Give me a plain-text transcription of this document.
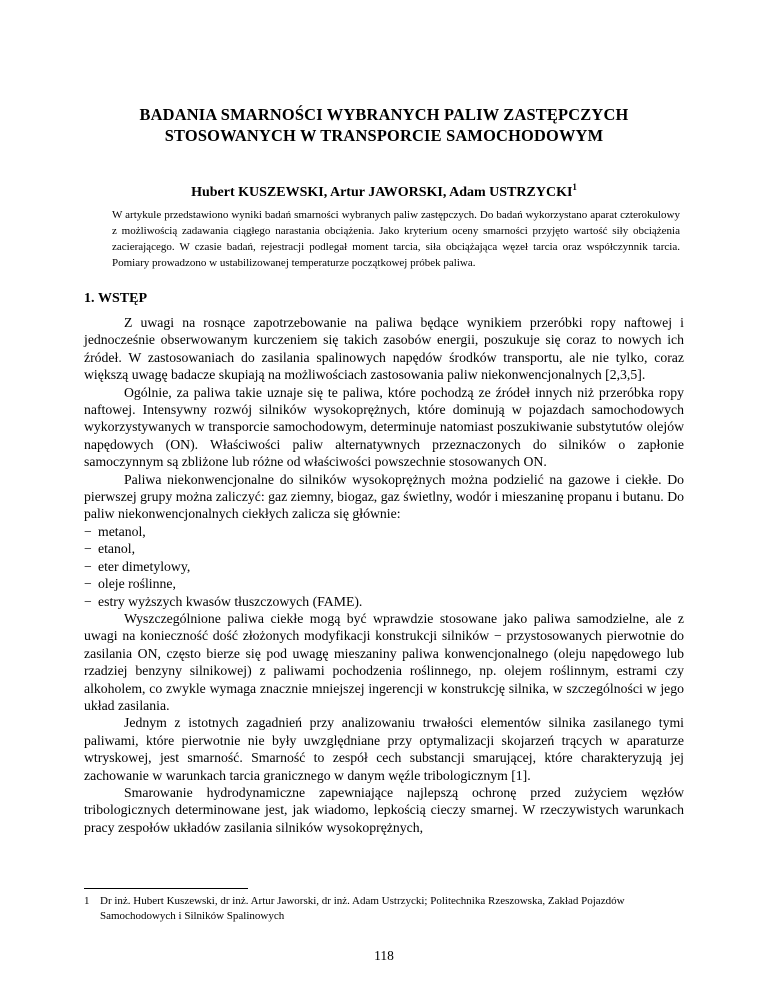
BADANIA SMARNOŚCI WYBRANYCH PALIW ZASTĘPCZYCH
STOSOWANYCH W TRANSPORCIE SAMOCHODOWYM
Hubert KUSZEWSKI, Artur JAWORSKI, Adam USTRZYCKI$^1$
W artykule przedstawiono wyniki badań smarności wybranych paliw zastępczych. Do badań wykorzystano aparat czterokulowy z możliwością zadawania ciągłego narastania obciążenia. Jako kryterium oceny smarności przyjęto wartość siły obciążenia zacierającego. W czasie badań, rejestracji podlegał moment tarcia, siła obciążająca węzeł tarcia oraz współczynnik tarcia. Pomiary prowadzono w ustabilizowanej temperaturze początkowej próbek paliwa.
1. WSTĘP

Z uwagi na rosnące zapotrzebowanie na paliwa będące wynikiem przeróbki ropy naftowej i jednocześnie obserwowanym kurczeniem się takich zasobów energii, poszukuje się coraz to nowych ich źródeł. W zastosowaniach do zasilania spalinowych napędów środków transportu, ale nie tylko, coraz większą uwagę badacze skupiają na możliwościach zastosowania paliw niekonwencjonalnych [2,3,5].

Ogólnie, za paliwa takie uznaje się te paliwa, które pochodzą ze źródeł innych niż przeróbka ropy naftowej. Intensywny rozwój silników wysokoprężnych, które dominują w pojazdach samochodowych wykorzystywanych w transporcie samochodowym, determinuje natomiast poszukiwanie substytutów olejów napędowych (ON). Właściwości paliw alternatywnych przeznaczonych do silników o zapłonie samoczynnym są zbliżone lub różne od właściwości powszechnie stosowanych ON.

Paliwa niekonwencjonalne do silników wysokoprężnych można podzielić na gazowe i ciekłe. Do pierwszej grupy można zaliczyć: gaz ziemny, biogaz, gaz świetlny, wodór i mieszaninę propanu i butanu. Do paliw niekonwencjonalnych ciekłych zalicza się głównie:

− metanol,
− etanol,
− eter dimetylowy,
− oleje roślinne,
− estry wyższych kwasów tłuszczowych (FAME).

Wyszczególnione paliwa ciekłe mogą być wprawdzie stosowane jako paliwa samodzielne, ale z uwagi na konieczność dość złożonych modyfikacji konstrukcji silników − przystosowanych pierwotnie do zasilania ON, często bierze się pod uwagę mieszaniny paliwa konwencjonalnego (oleju napędowego lub rzadziej benzyny silnikowej) z paliwami pochodzenia roślinnego, np. olejem roślinnym, estrami czy alkoholem, co zwykle wymaga znacznie mniejszej ingerencji w konstrukcję silnika, w szczególności w jego układ zasilania.

Jednym z istotnych zagadnień przy analizowaniu trwałości elementów silnika zasilanego tymi paliwami, które pierwotnie nie były uwzględniane przy optymalizacji skojarzeń trących w aparaturze wtryskowej, jest smarność. Smarność to zespół cech substancji smarującej, które charakteryzują jej zachowanie w warunkach tarcia granicznego w danym węźle tribologicznym [1].

Smarowanie hydrodynamiczne zapewniające najlepszą ochronę przed zużyciem węzłów tribologicznych determinowane jest, jak wiadomo, lepkością cieczy smarnej. W rzeczywistych warunkach pracy zespołów układów zasilania silników wysokoprężnych,

1 Dr inż. Hubert Kuszewski, dr inż. Artur Jaworski, dr inż. Adam Ustrzycki; Politechnika Rzeszowska, Zakład Pojazdów Samochodowych i Silników Spalinowych
118
